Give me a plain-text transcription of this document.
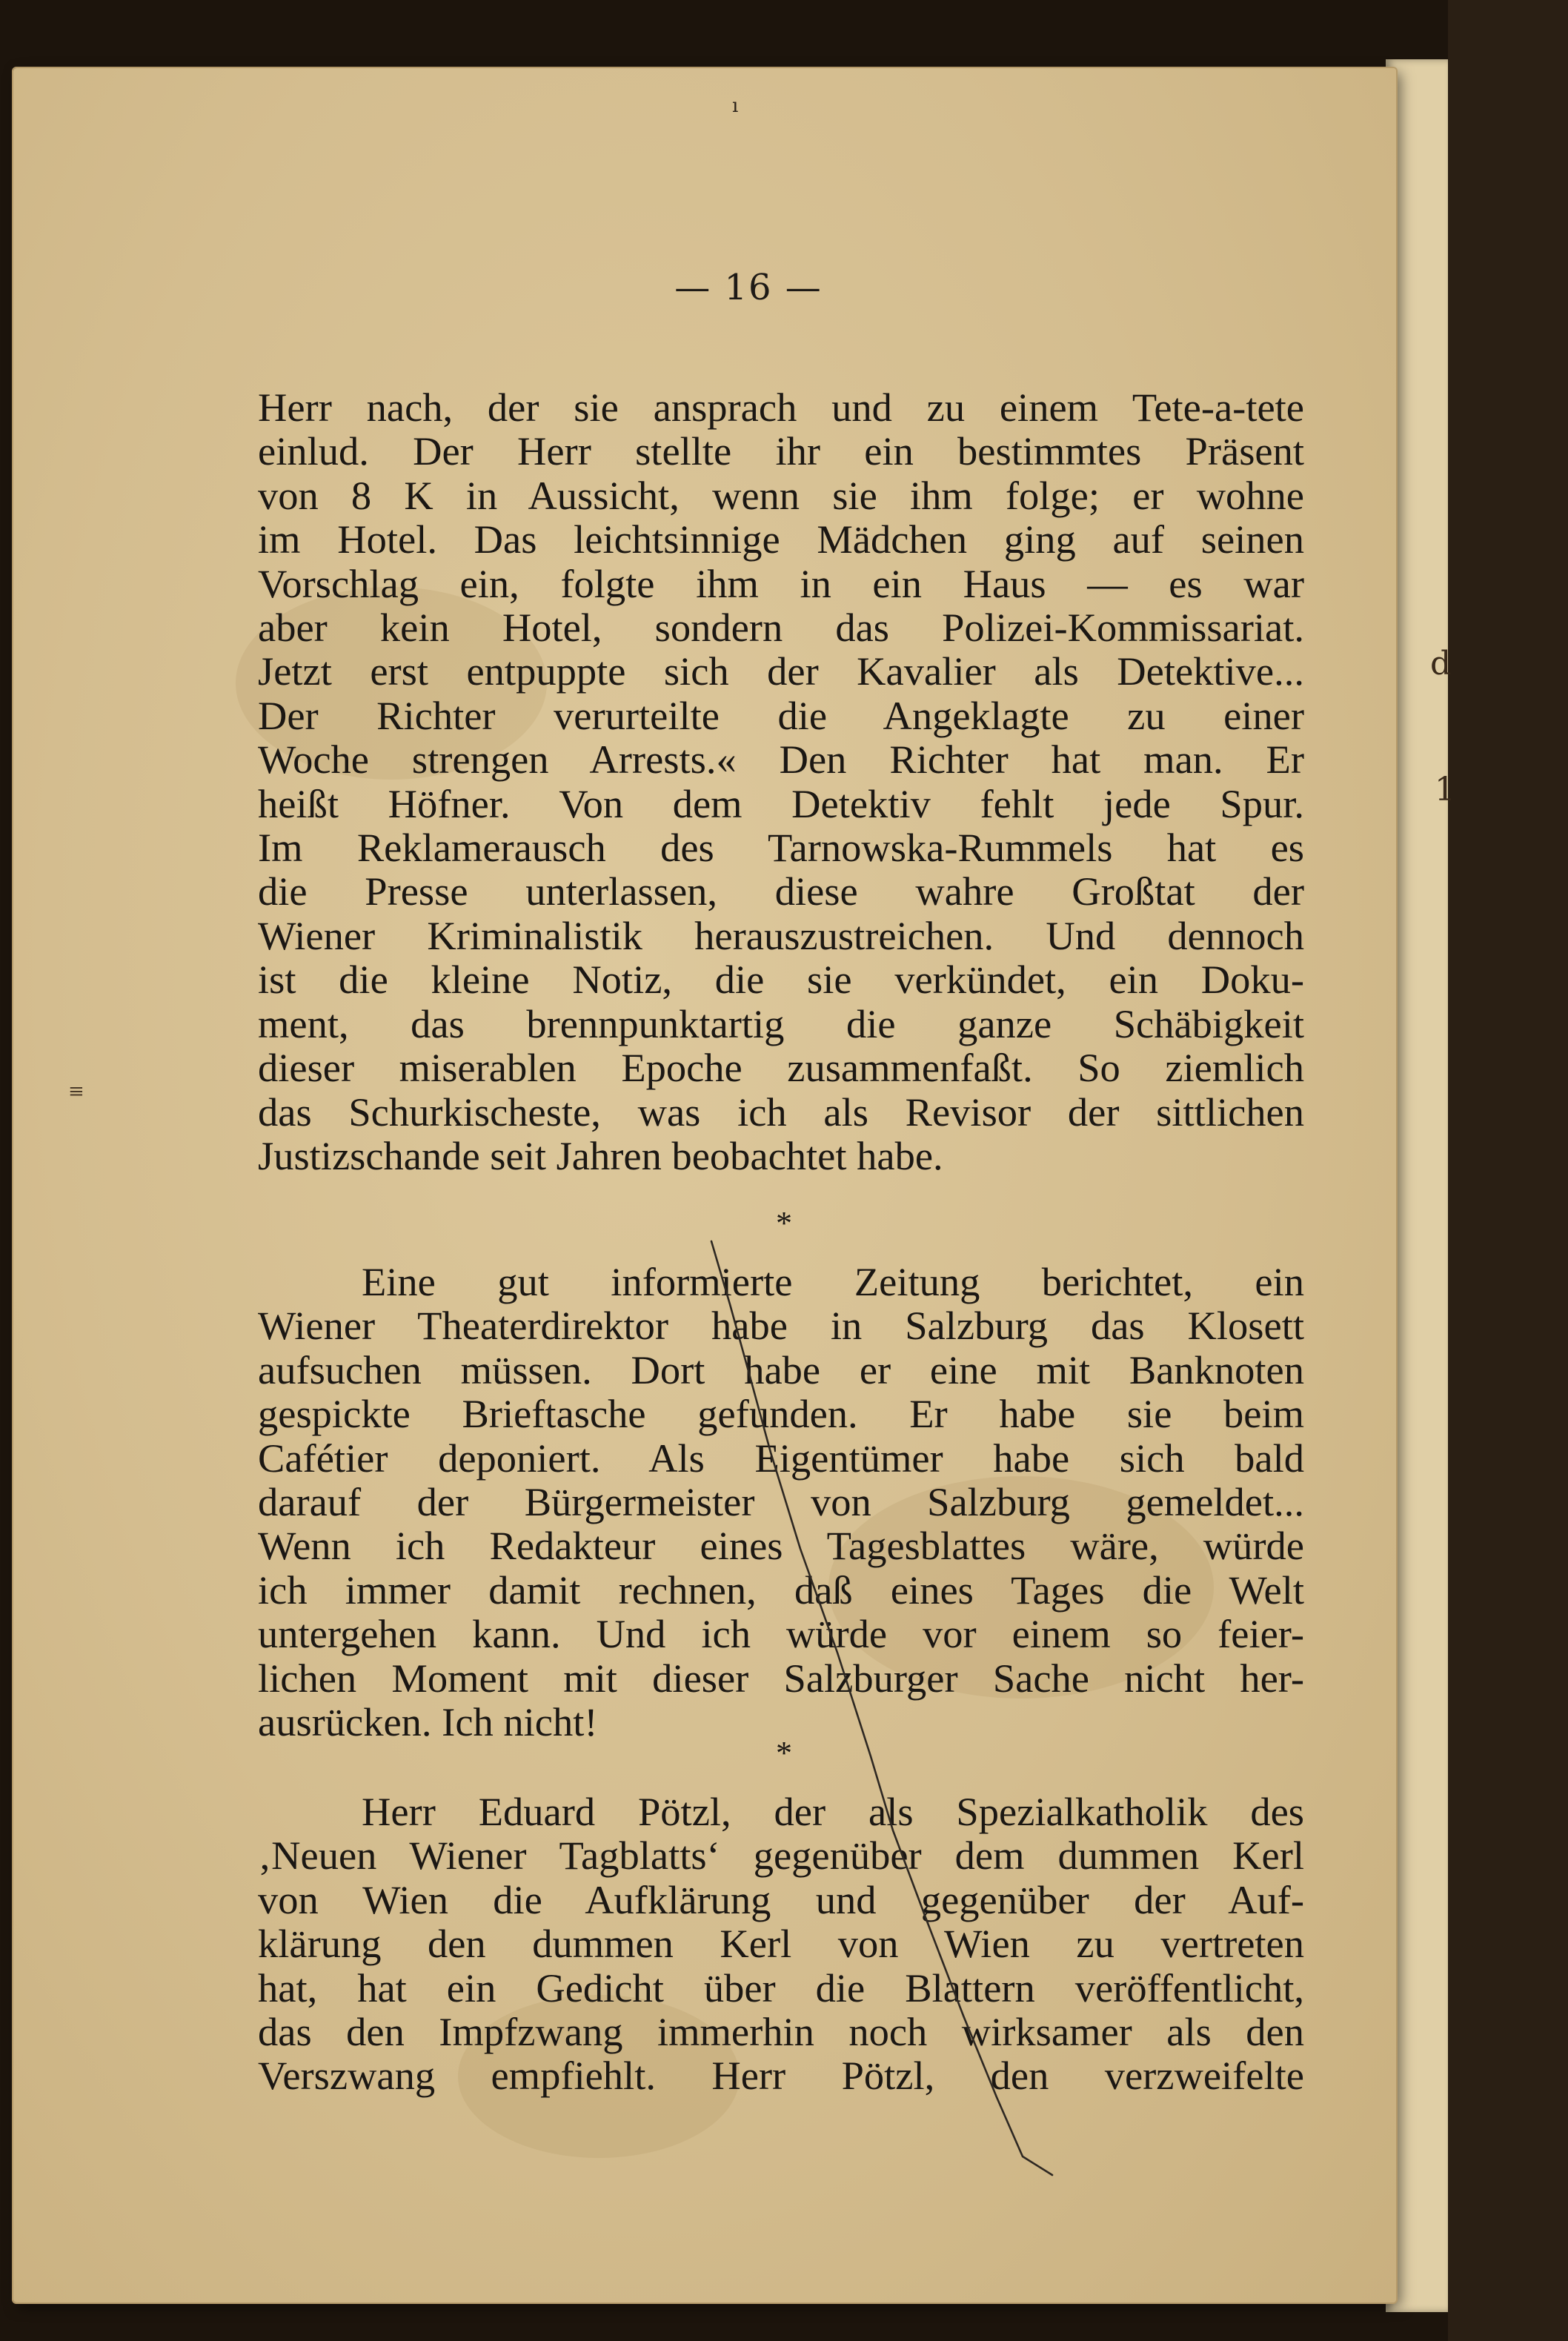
d
1
ı
≡
— 16 —
Herr nach, der sie ansprach und zu einem Tete-a-tete
einlud. Der Herr stellte ihr ein bestimmtes Präsent
von 8 K in Aussicht, wenn sie ihm folge; er wohne
im Hotel. Das leichtsinnige Mädchen ging auf seinen
Vorschlag ein, folgte ihm in ein Haus — es war
aber kein Hotel, sondern das Polizei-Kommissariat.
Jetzt erst entpuppte sich der Kavalier als Detektive...
Der Richter verurteilte die Angeklagte zu einer
Woche strengen Arrests.« Den Richter hat man. Er
heißt Höfner. Von dem Detektiv fehlt jede Spur.
Im Reklamerausch des Tarnowska-Rummels hat es
die Presse unterlassen, diese wahre Großtat der
Wiener Kriminalistik herauszustreichen. Und dennoch
ist die kleine Notiz, die sie verkündet, ein Doku-
ment, das brennpunktartig die ganze Schäbigkeit
dieser miserablen Epoche zusammenfaßt. So ziemlich
das Schurkischeste, was ich als Revisor der sittlichen
Justizschande seit Jahren beobachtet habe.
*
Eine gut informierte Zeitung berichtet, ein
Wiener Theaterdirektor habe in Salzburg das Klosett
aufsuchen müssen. Dort habe er eine mit Banknoten
gespickte Brieftasche gefunden. Er habe sie beim
Cafétier deponiert. Als Eigentümer habe sich bald
darauf der Bürgermeister von Salzburg gemeldet...
Wenn ich Redakteur eines Tagesblattes wäre, würde
ich immer damit rechnen, daß eines Tages die Welt
untergehen kann. Und ich würde vor einem so feier-
lichen Moment mit dieser Salzburger Sache nicht her-
ausrücken. Ich nicht!
*
Herr Eduard Pötzl, der als Spezialkatholik des
‚Neuen Wiener Tagblatts‘ gegenüber dem dummen Kerl
von Wien die Aufklärung und gegenüber der Auf-
klärung den dummen Kerl von Wien zu vertreten
hat, hat ein Gedicht über die Blattern veröffentlicht,
das den Impfzwang immerhin noch wirksamer als den
Verszwang empfiehlt. Herr Pötzl, den verzweifelte
